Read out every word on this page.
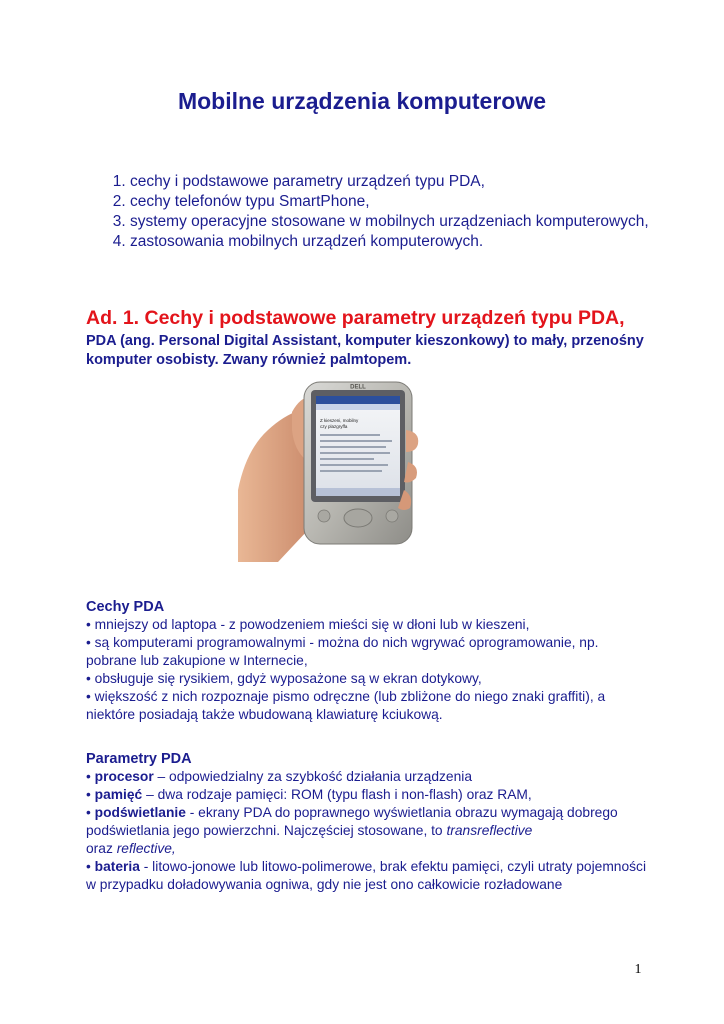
Mobilne urządzenia komputerowe
1. cechy i podstawowe parametry urządzeń typu PDA,
2. cechy telefonów typu SmartPhone,
3. systemy operacyjne stosowane w mobilnych urządzeniach komputerowych,
4. zastosowania mobilnych urządzeń komputerowych.
Ad. 1. Cechy i podstawowe parametry urządzeń typu PDA,

PDA (ang. Personal Digital Assistant, komputer kieszonkowy) to mały, przenośny komputer osobisty. Zwany również palmtopem.

Z kieszeni, mobilny
czy plazgryffa
DELL
Cechy PDA

• mniejszy od laptopa - z powodzeniem mieści się w dłoni lub w kieszeni,

• są komputerami programowalnymi - można do nich wgrywać oprogramowanie, np. pobrane lub zakupione w Internecie,

• obsługuje się rysikiem, gdyż wyposażone są w ekran dotykowy,

• większość z nich rozpoznaje pismo odręczne (lub zbliżone do niego znaki graffiti), a niektóre posiadają także wbudowaną klawiaturę kciukową.

Parametry PDA

• procesor – odpowiedzialny za szybkość działania urządzenia

• pamięć – dwa rodzaje pamięci: ROM (typu flash i non-flash) oraz RAM,

• podświetlanie - ekrany PDA do poprawnego wyświetlania obrazu wymagają dobrego podświetlania jego powierzchni. Najczęściej stosowane, to transreflective
oraz reflective,

• bateria - litowo-jonowe lub litowo-polimerowe, brak efektu pamięci, czyli utraty pojemności w przypadku doładowywania ogniwa, gdy nie jest ono całkowicie rozładowane

1
